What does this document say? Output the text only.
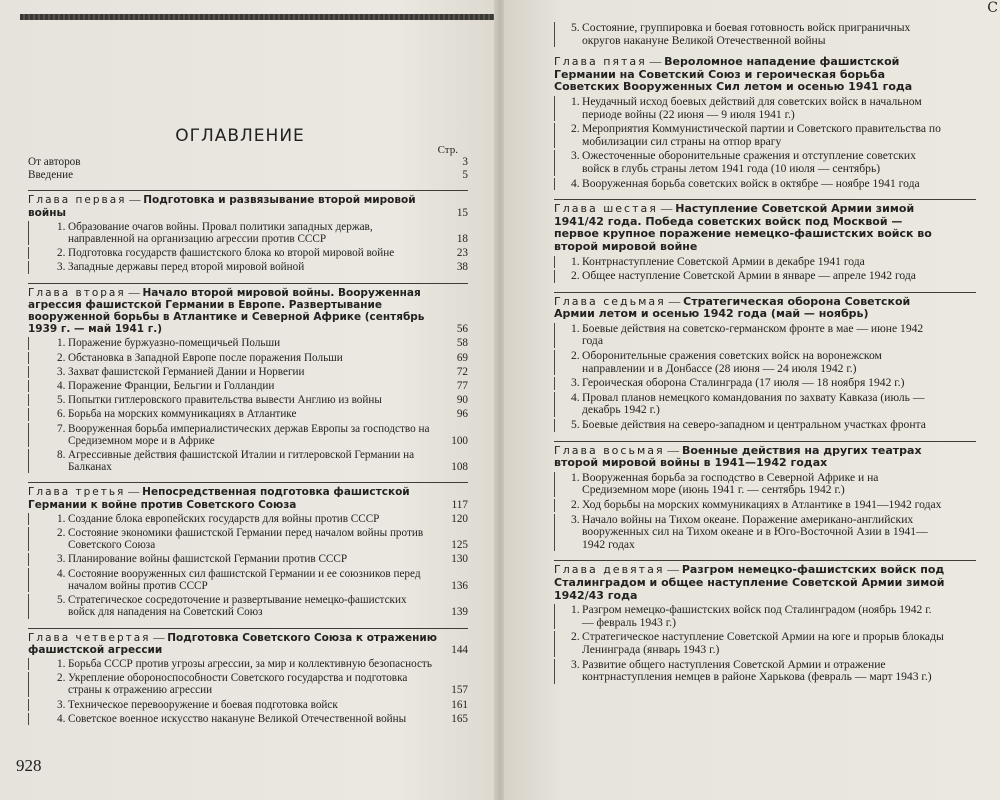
ОГЛАВЛЕНИЕ
Стр.
От авторов	3
Введение	5
Глава первая — Подготовка и развязывание второй мировой войны	15
1. Образование очагов войны. Провал политики западных держав, направленной на организацию агрессии против СССР	18
2. Подготовка государств фашистского блока ко второй мировой войне	23
3. Западные державы перед второй мировой войной	38
Глава вторая — Начало второй мировой войны. Вооруженная агрессия фашистской Германии в Европе. Развертывание вооруженной борьбы в Атлантике и Северной Африке (сентябрь 1939 г. — май 1941 г.)	56
1. Поражение буржуазно-помещичьей Польши	58
2. Обстановка в Западной Европе после поражения Польши	69
3. Захват фашистской Германией Дании и Норвегии	72
4. Поражение Франции, Бельгии и Голландии	77
5. Попытки гитлеровского правительства вывести Англию из войны	90
6. Борьба на морских коммуникациях в Атлантике	96
7. Вооруженная борьба империалистических держав Европы за господство на Средиземном море и в Африке	100
8. Агрессивные действия фашистской Италии и гитлеровской Германии на Балканах	108
Глава третья — Непосредственная подготовка фашистской Германии к войне против Советского Союза	117
1. Создание блока европейских государств для войны против СССР	120
2. Состояние экономики фашистской Германии перед началом войны против Советского Союза	125
3. Планирование войны фашистской Германии против СССР	130
4. Состояние вооруженных сил фашистской Германии и ее союзников перед началом войны против СССР	136
5. Стратегическое сосредоточение и развертывание немецко-фашистских войск для нападения на Советский Союз	139
Глава четвертая — Подготовка Советского Союза к отражению фашистской агрессии	144
1. Борьба СССР против угрозы агрессии, за мир и коллективную безопасность
2. Укрепление обороноспособности Советского государства и подготовка страны к отражению агрессии	157
3. Техническое перевооружение и боевая подготовка войск	161
4. Советское военное искусство накануне Великой Отечественной войны	165
928
С
5. Состояние, группировка и боевая готовность войск приграничных округов накануне Великой Отечественной войны
Глава пятая — Вероломное нападение фашистской Германии на Советский Союз и героическая борьба Советских Вооруженных Сил летом и осенью 1941 года
1. Неудачный исход боевых действий для советских войск в начальном периоде войны (22 июня — 9 июля 1941 г.)
2. Мероприятия Коммунистической партии и Советского правительства по мобилизации сил страны на отпор врагу
3. Ожесточенные оборонительные сражения и отступление советских войск в глубь страны летом 1941 года (10 июля — сентябрь)
4. Вооруженная борьба советских войск в октябре — ноябре 1941 года
Глава шестая — Наступление Советской Армии зимой 1941/42 года. Победа советских войск под Москвой — первое крупное поражение немецко-фашистских войск во второй мировой войне
1. Контрнаступление Советской Армии в декабре 1941 года
2. Общее наступление Советской Армии в январе — апреле 1942 года
Глава седьмая — Стратегическая оборона Советской Армии летом и осенью 1942 года (май — ноябрь)
1. Боевые действия на советско-германском фронте в мае — июне 1942 года
2. Оборонительные сражения советских войск на воронежском направлении и в Донбассе (28 июня — 24 июля 1942 г.)
3. Героическая оборона Сталинграда (17 июля — 18 ноября 1942 г.)
4. Провал планов немецкого командования по захвату Кавказа (июль — декабрь 1942 г.)
5. Боевые действия на северо-западном и центральном участках фронта
Глава восьмая — Военные действия на других театрах второй мировой войны в 1941—1942 годах
1. Вооруженная борьба за господство в Северной Африке и на Средиземном море (июнь 1941 г. — сентябрь 1942 г.)
2. Ход борьбы на морских коммуникациях в Атлантике в 1941—1942 годах
3. Начало войны на Тихом океане. Поражение американо-английских вооруженных сил на Тихом океане и в Юго-Восточной Азии в 1941—1942 годах
Глава девятая — Разгром немецко-фашистских войск под Сталинградом и общее наступление Советской Армии зимой 1942/43 года
1. Разгром немецко-фашистских войск под Сталинградом (ноябрь 1942 г. — февраль 1943 г.)
2. Стратегическое наступление Советской Армии на юге и прорыв блокады Ленинграда (январь 1943 г.)
3. Развитие общего наступления Советской Армии и отражение контрнаступления немцев в районе Харькова (февраль — март 1943 г.)
